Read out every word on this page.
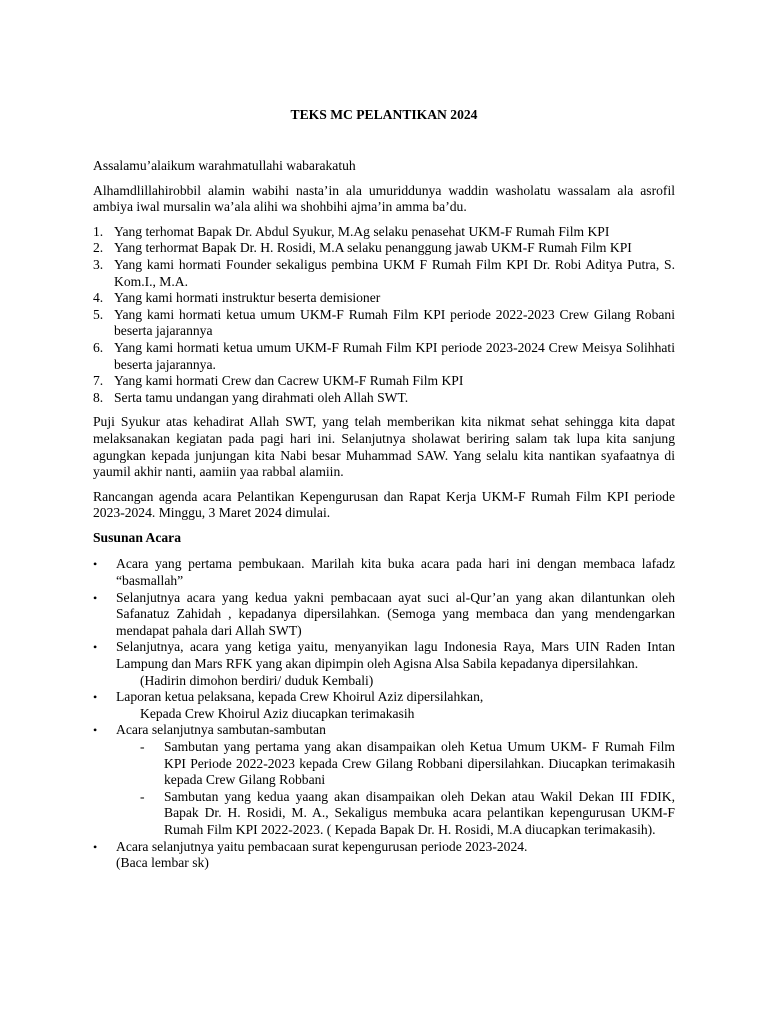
TEKS MC PELANTIKAN 2024

Assalamu’alaikum warahmatullahi wabarakatuh

Alhamdlillahirobbil alamin wabihi nasta’in ala umuriddunya waddin washolatu wassalam ala asrofil ambiya iwal mursalin wa’ala alihi wa shohbihi ajma’in amma ba’du.

1. Yang terhomat Bapak Dr. Abdul Syukur, M.Ag selaku penasehat UKM-F Rumah Film KPI
2. Yang terhormat Bapak Dr. H. Rosidi, M.A selaku penanggung jawab UKM-F Rumah Film KPI
3. Yang kami hormati Founder sekaligus pembina UKM F Rumah Film KPI Dr. Robi Aditya Putra, S. Kom.I., M.A.
4. Yang kami hormati instruktur beserta demisioner
5. Yang kami hormati ketua umum UKM-F Rumah Film KPI periode 2022-2023 Crew Gilang Robani beserta jajarannya
6. Yang kami hormati ketua umum UKM-F Rumah Film KPI periode 2023-2024 Crew Meisya Solihhati beserta jajarannya.
7. Yang kami hormati Crew dan Cacrew UKM-F Rumah Film KPI
8. Serta tamu undangan yang dirahmati oleh Allah SWT.

Puji Syukur atas kehadirat Allah SWT, yang telah memberikan kita nikmat sehat sehingga kita dapat melaksanakan kegiatan pada pagi hari ini. Selanjutnya sholawat beriring salam tak lupa kita sanjung agungkan kepada junjungan kita Nabi besar Muhammad SAW. Yang selalu kita nantikan syafaatnya di yaumil akhir nanti, aamiin yaa rabbal alamiin.

Rancangan agenda acara Pelantikan Kepengurusan dan Rapat Kerja UKM-F Rumah Film KPI periode 2023-2024. Minggu, 3 Maret 2024 dimulai.

Susunan Acara
• Acara yang pertama pembukaan. Marilah kita buka acara pada hari ini dengan membaca lafadz “basmallah”
• Selanjutnya acara yang kedua yakni pembacaan ayat suci al-Qur’an yang akan dilantunkan oleh Safanatuz Zahidah , kepadanya dipersilahkan. (Semoga yang membaca dan yang mendengarkan mendapat pahala dari Allah SWT)
• Selanjutnya, acara yang ketiga yaitu, menyanyikan lagu Indonesia Raya, Mars UIN Raden Intan Lampung dan Mars RFK yang akan dipimpin oleh Agisna Alsa Sabila kepadanya dipersilahkan.
(Hadirin dimohon berdiri/ duduk Kembali)
• Laporan ketua pelaksana, kepada Crew Khoirul Aziz dipersilahkan,
Kepada Crew Khoirul Aziz diucapkan terimakasih
• Acara selanjutnya sambutan-sambutan
- Sambutan yang pertama yang akan disampaikan oleh Ketua Umum UKM- F Rumah Film KPI Periode 2022-2023 kepada Crew Gilang Robbani dipersilahkan. Diucapkan terimakasih kepada Crew Gilang Robbani
- Sambutan yang kedua yaang akan disampaikan oleh Dekan atau Wakil Dekan III FDIK, Bapak Dr. H. Rosidi, M. A., Sekaligus membuka acara pelantikan kepengurusan UKM-F Rumah Film KPI 2022-2023. ( Kepada Bapak Dr. H. Rosidi, M.A diucapkan terimakasih).
• Acara selanjutnya yaitu pembacaan surat kepengurusan periode 2023-2024.
(Baca lembar sk)
